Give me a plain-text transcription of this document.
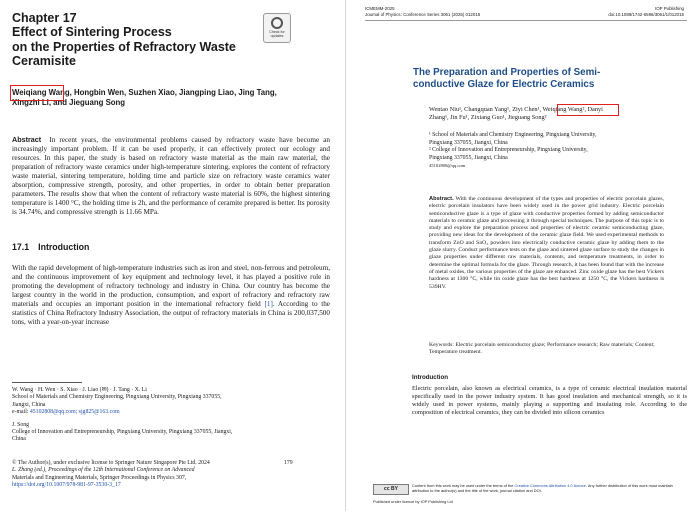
Chapter 17
Effect of Sintering Process
on the Properties of Refractory Waste
Ceramisite
Check for updates
Weiqiang Wang, Hongbin Wen, Suzhen Xiao, Jiangping Liao, Jing Tang,
Xingzhi Li, and Jieguang Song
Abstract In recent years, the environmental problems caused by refractory waste have become an increasingly important problem. If it can be used properly, it can effectively protect our ecology and resources. In this paper, the study is based on refractory waste material as the main raw material, the preparation of refractory waste ceramics under high-temperature sintering, explores the content of refractory waste material, sintering temperature, holding time and particle size on refractory waste ceramics water absorption, compressive strength, porosity, and other properties, in order to obtain better preparation parameters. The results show that when the content of refractory waste material is 60%, the highest sintering temperature is 1400 °C, the holding time is 2h, and the performance of ceramite prepared is better. Its porosity is 34.74%, and compressive strength is 11.66 MPa.
17.1 Introduction
With the rapid development of high-temperature industries such as iron and steel, non-ferrous and petroleum, and the continuous improvement of key equipment and technology level, it has played a positive role in promoting the development of refractory technology and industry in China. Our country has become the largest country in the world in the production, consumption, and export of refractory and refractory raw materials and occupies an important position in the international refractory field [1]. According to the statistics of China Refractory Industry Association, the output of refractory materials in China is 200,037,500 tons, with a year-on-year increase
W. Wang · H. Wen · S. Xiao · J. Liao (✉) · J. Tang · X. Li
School of Materials and Chemistry Engineering, Pingxiang University, Pingxiang 337055,
Jiangxi, China
e-mail: 45102808@qq.com; sjg825@163.com
J. Song
College of Innovation and Entrepreneurship, Pingxiang University, Pingxiang 337055, Jiangxi,
China
© The Author(s), under exclusive license to Springer Nature Singapore Pte Ltd. 2024
L. Zhang (ed.), Proceedings of the 12th International Conference on Advanced
Materials and Engineering Materials, Springer Proceedings in Physics 307,
https://doi.org/10.1007/978-981-97-3530-3_17
179
ICMEMM-2025
Journal of Physics: Conference Series 3061 (2025) 012015
IOP Publishing
doi:10.1088/1742-6596/3061/1/012015
The Preparation and Properties of Semi-
conductive Glaze for Electric Ceramics
Wentao Niu¹, Changquan Yang¹, Ziyi Chen¹, Weiqiang Wang², Danyi
Zhang¹, Jin Fu¹, Zixiang Guo¹, Jieguang Song²
¹ School of Materials and Chemistry Engineering, Pingxiang University,
Pingxiang 337055, Jiangxi, China
² College of Innovation and Entrepreneurship, Pingxiang University,
Pingxiang 337055, Jiangxi, China
45102808@qq.com
Abstract. With the continuous development of the types and properties of electric porcelain glazes, electric porcelain insulators have been widely used in the power grid industry. Electric porcelain semiconductive glaze is a type of glaze with conductive properties formed by adding semiconductor materials to ceramic glaze and processing it through special techniques. The purpose of this topic is to study and explore the preparation process and properties of electric ceramic semiconducting glaze, providing new ideas for the development of the ceramic glaze field. We used experimental methods to transform ZnO and SnO₂ powders into electrically conductive ceramic glaze by adding them to the glaze slurry. Conduct performance tests on the glaze and sintered glaze surface to study the changes in glaze properties under different raw materials, contents, and temperature treatments, in order to determine the optimal formula for the glaze. Through research, it has been found that with the increase of metal oxides, the various properties of the glaze are enhanced. Zinc oxide glaze has the best Vickers hardness at 1300 °C, while tin oxide glaze has the best hardness at 1250 °C, the Vickers hardness is 539HV.
Keywords: Electric porcelain semiconductor glaze; Performance research; Raw materials; Content; Temperature treatment.
Introduction
Electric porcelain, also known as electrical ceramics, is a type of ceramic electrical insulation material specifically used in the power industry system. It has good insulation and mechanical strength, so it is widely used in power systems, mainly playing a supporting and insulating role. According to the composition of electrical ceramics, they can be divided into silicon ceramics
cc BY
Content from this work may be used under the terms of the Creative Commons Attribution 4.0 licence. Any further distribution of this work must maintain attribution to the author(s) and the title of the work, journal citation and DOI.
Published under licence by IOP Publishing Ltd
